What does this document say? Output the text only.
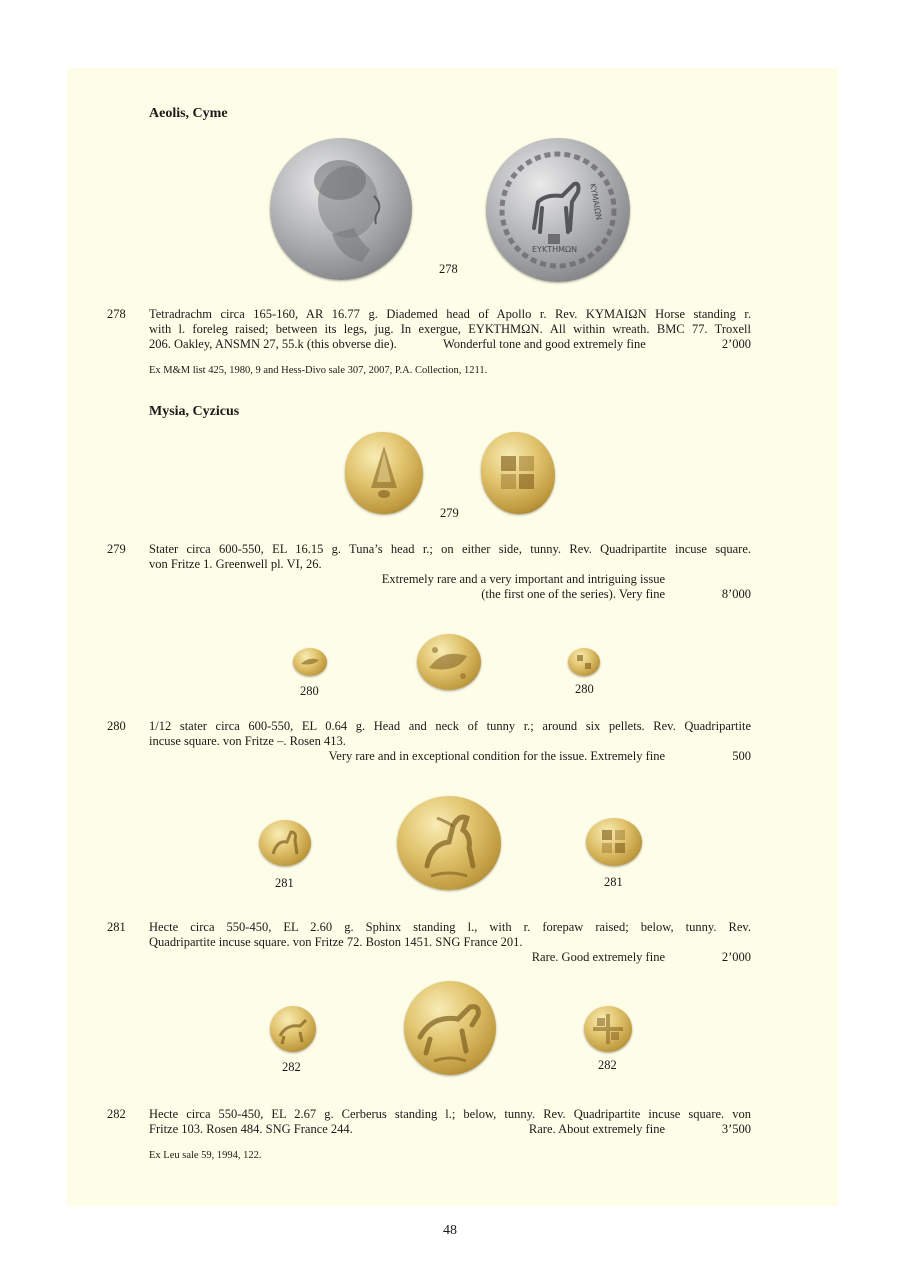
Aeolis, Cyme
ΕΥΚΤΗΜΩΝ
ΚΥΜΑΙΩΝ
278
278 Tetradrachm circa 165-160, AR 16.77 g. Diademed head of Apollo r. Rev. ΚΥΜΑΙΩΝ Horse standing r.
with l. foreleg raised; between its legs, jug. In exergue, ΕΥΚΤΗΜΩΝ. All within wreath. BMC 77. Troxell
206. Oakley, ANSMN 27, 55.k (this obverse die).	Wonderful tone and good extremely fine	2’000
Ex M&M list 425, 1980, 9 and Hess-Divo sale 307, 2007, P.A. Collection, 1211.
Mysia, Cyzicus
279
279 Stater circa 600-550, EL 16.15 g. Tuna’s head r.; on either side, tunny. Rev. Quadripartite incuse square.
von Fritze 1. Greenwell pl. VI, 26.
Extremely rare and a very important and intriguing issue
(the first one of the series). Very fine	8’000
280	280
280 1/12 stater circa 600-550, EL 0.64 g. Head and neck of tunny r.; around six pellets. Rev. Quadripartite
incuse square. von Fritze –. Rosen 413.
Very rare and in exceptional condition for the issue. Extremely fine	500
281	281
281 Hecte circa 550-450, EL 2.60 g. Sphinx standing l., with r. forepaw raised; below, tunny. Rev.
Quadripartite incuse square. von Fritze 72. Boston 1451. SNG France 201.
Rare. Good extremely fine	2’000
282	282
282 Hecte circa 550-450, EL 2.67 g. Cerberus standing l.; below, tunny. Rev. Quadripartite incuse square. von
Fritze 103. Rosen 484. SNG France 244.	Rare. About extremely fine	3’500
Ex Leu sale 59, 1994, 122.
48
